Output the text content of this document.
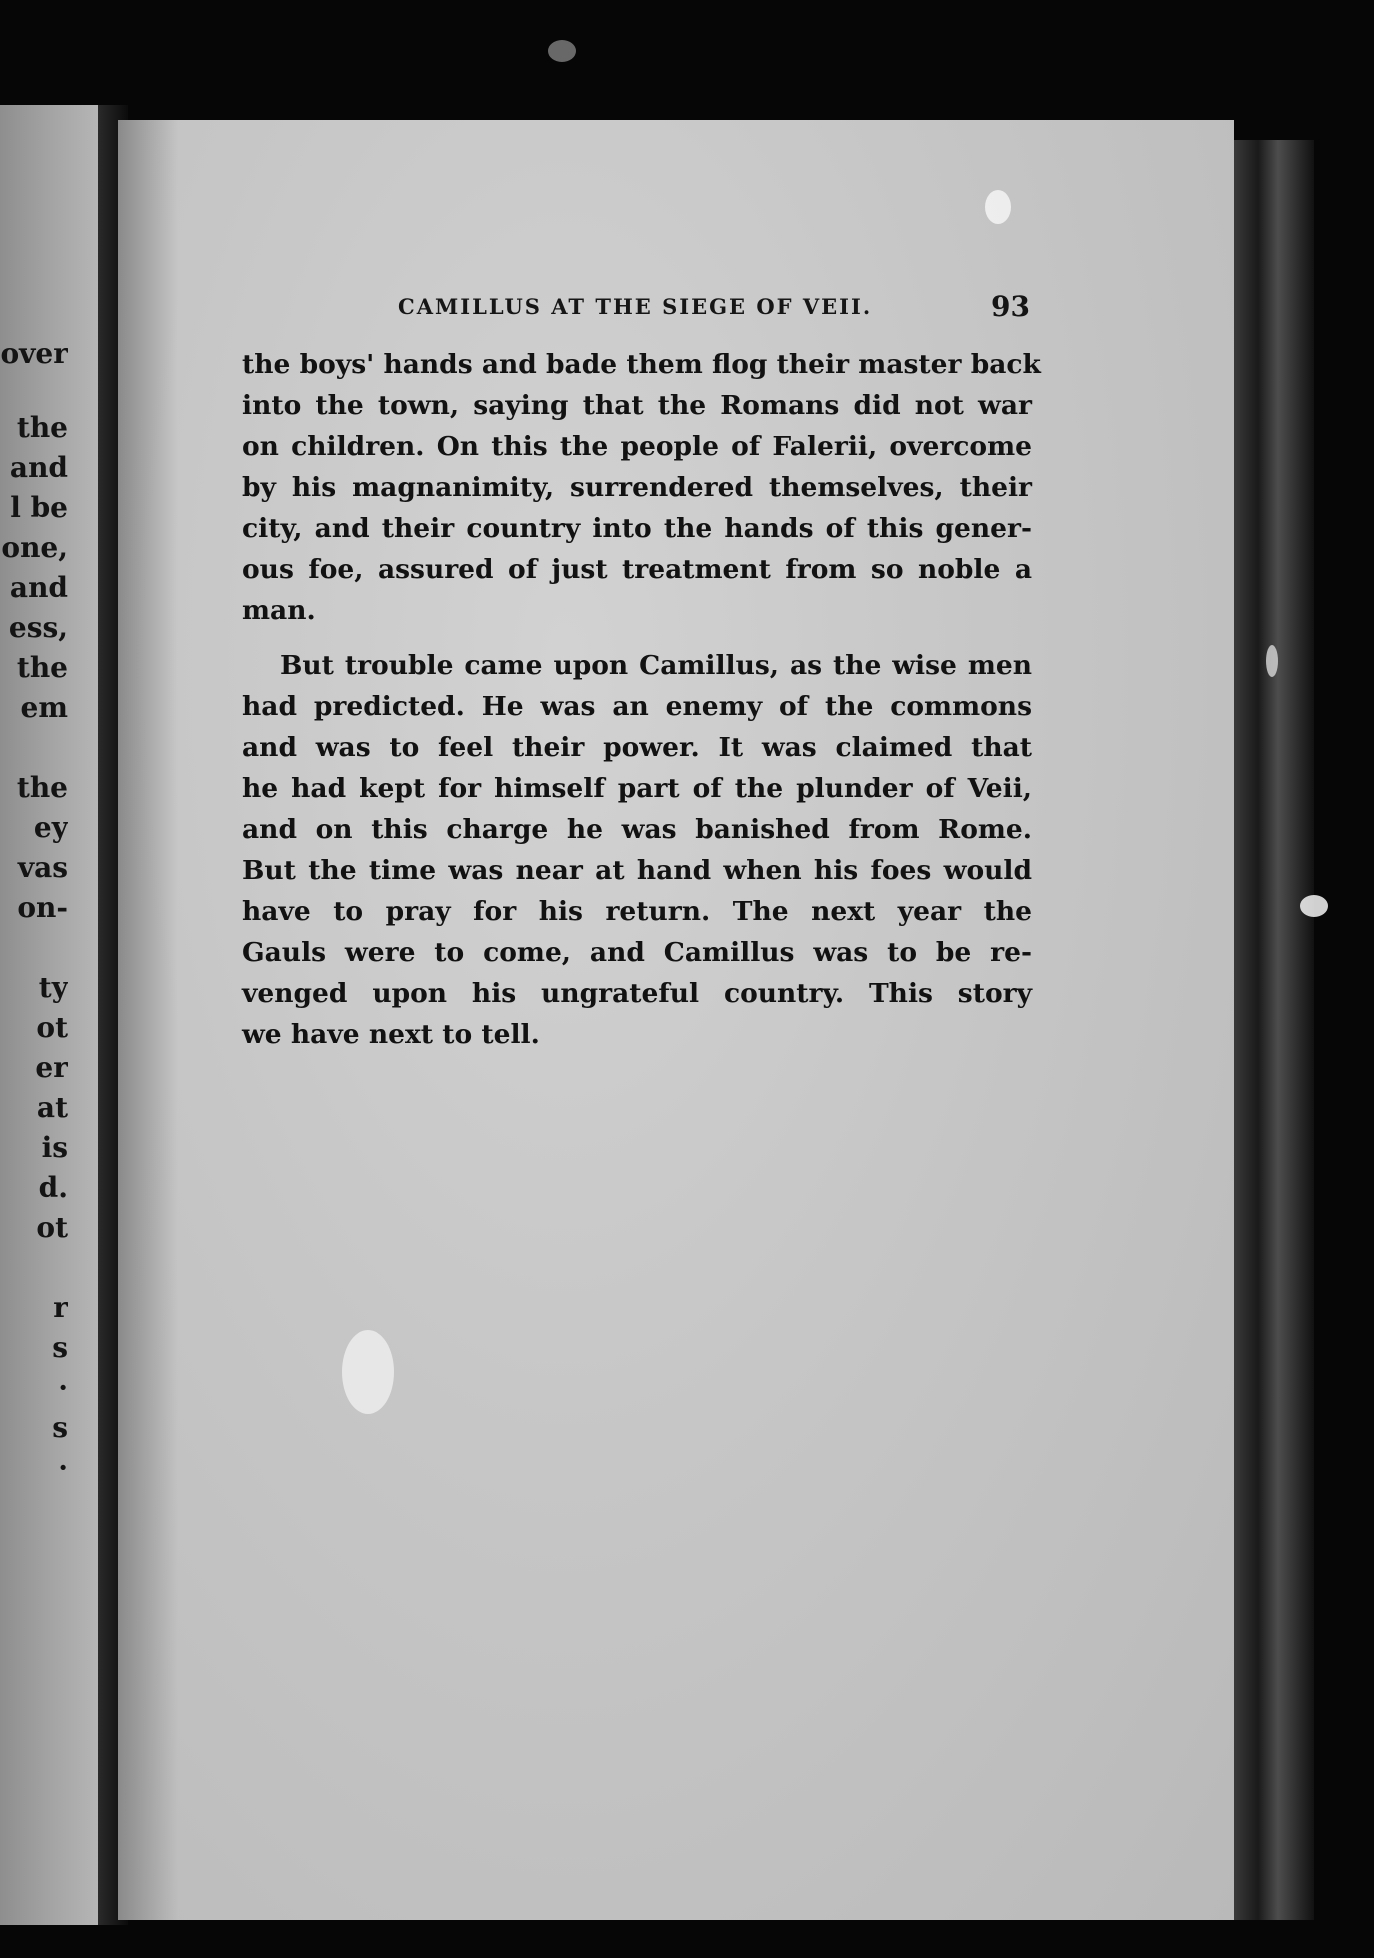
over
the
and
l be
one,
and
ess,
the
em
the
ey
vas
on-
ty
ot
er
at
is
d.
ot
r
s
·
s
·
CAMILLUS AT THE SIEGE OF VEII.	93
the boys' hands and bade them flog their master back
into the town, saying that the Romans did not war
on children. On this the people of Falerii, overcome
by his magnanimity, surrendered themselves, their
city, and their country into the hands of this gener-
ous foe, assured of just treatment from so noble a
man.
But trouble came upon Camillus, as the wise men
had predicted. He was an enemy of the commons
and was to feel their power. It was claimed that
he had kept for himself part of the plunder of Veii,
and on this charge he was banished from Rome.
But the time was near at hand when his foes would
have to pray for his return. The next year the
Gauls were to come, and Camillus was to be re-
venged upon his ungrateful country. This story
we have next to tell.
